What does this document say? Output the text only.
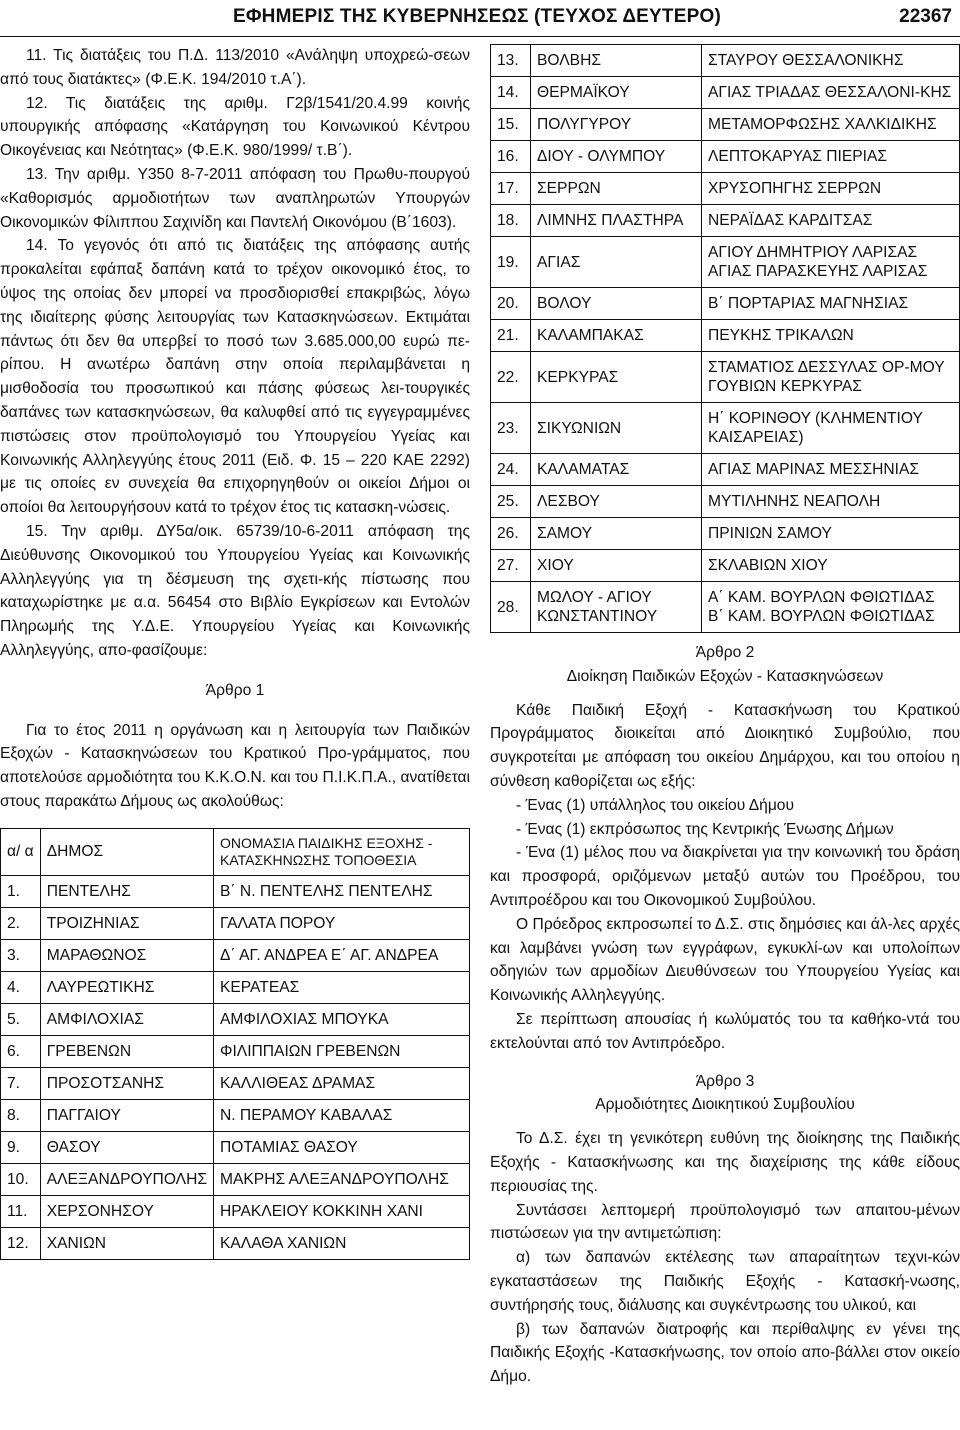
ΕΦΗΜΕΡΙΣ ΤΗΣ ΚΥΒΕΡΝΗΣΕΩΣ (ΤΕΥΧΟΣ ΔΕΥΤΕΡΟ)	22367

11. Τις διατάξεις του Π.Δ. 113/2010 «Ανάληψη υποχρεώ-σεων από τους διατάκτες» (Φ.Ε.Κ. 194/2010 τ.Α΄).

12. Τις διατάξεις της αριθμ. Γ2β/1541/20.4.99 κοινής υπουργικής απόφασης «Κατάργηση του Κοινωνικού Κέντρου Οικογένειας και Νεότητας» (Φ.Ε.Κ. 980/1999/ τ.Β΄).

13. Την αριθμ. Υ350 8-7-2011 απόφαση του Πρωθυ-πουργού «Καθορισμός αρμοδιοτήτων των αναπληρωτών Υπουργών Οικονομικών Φίλιππου Σαχινίδη και Παντελή Οικονόμου (Β΄1603).

14. Το γεγονός ότι από τις διατάξεις της απόφασης αυτής προκαλείται εφάπαξ δαπάνη κατά το τρέχον οικονομικό έτος, το ύψος της οποίας δεν μπορεί να προσδιορισθεί επακριβώς, λόγω της ιδιαίτερης φύσης λειτουργίας των Κατασκηνώσεων. Εκτιμάται πάντως ότι δεν θα υπερβεί το ποσό των 3.685.000,00 ευρώ πε-ρίπου. Η ανωτέρω δαπάνη στην οποία περιλαμβάνεται η μισθοδοσία του προσωπικού και πάσης φύσεως λει-τουργικές δαπάνες των κατασκηνώσεων, θα καλυφθεί από τις εγγεγραμμένες πιστώσεις στον προϋπολογισμό του Υπουργείου Υγείας και Κοινωνικής Αλληλεγγύης έτους 2011 (Ειδ. Φ. 15 – 220 ΚΑΕ 2292) με τις οποίες εν συνεχεία θα επιχορηγηθούν οι οικείοι Δήμοι οι οποίοι θα λειτουργήσουν κατά το τρέχον έτος τις κατασκη-νώσεις.

15. Την αριθμ. ΔΥ5α/οικ. 65739/10-6-2011 απόφαση της Διεύθυνσης Οικονομικού του Υπουργείου Υγείας και Κοινωνικής Αλληλεγγύης για τη δέσμευση της σχετι-κής πίστωσης που καταχωρίστηκε με α.α. 56454 στο Βιβλίο Εγκρίσεων και Εντολών Πληρωμής της Υ.Δ.Ε. Υπουργείου Υγείας και Κοινωνικής Αλληλεγγύης, απο-φασίζουμε:

Άρθρο 1

Για το έτος 2011 η οργάνωση και η λειτουργία των Παιδικών Εξοχών - Κατασκηνώσεων του Κρατικού Προ-γράμματος, που αποτελούσε αρμοδιότητα του Κ.Κ.Ο.Ν. και του Π.Ι.Κ.Π.Α., ανατίθεται στους παρακάτω Δήμους ως ακολούθως:

α/ α	ΔΗΜΟΣ	ΟΝΟΜΑΣΙΑ ΠΑΙΔΙΚΗΣ ΕΞΟΧΗΣ - ΚΑΤΑΣΚΗΝΩΣΗΣ ΤΟΠΟΘΕΣΙΑ
1.	ΠΕΝΤΕΛΗΣ	Β΄ Ν. ΠΕΝΤΕΛΗΣ ΠΕΝΤΕΛΗΣ
2.	ΤΡΟΙΖΗΝΙΑΣ	ΓΑΛΑΤΑ ΠΟΡΟΥ
3.	ΜΑΡΑΘΩΝΟΣ	Δ΄ ΑΓ. ΑΝΔΡΕΑ Ε΄ ΑΓ. ΑΝΔΡΕΑ
4.	ΛΑΥΡΕΩΤΙΚΗΣ	ΚΕΡΑΤΕΑΣ
5.	ΑΜΦΙΛΟΧΙΑΣ	ΑΜΦΙΛΟΧΙΑΣ ΜΠΟΥΚΑ
6.	ΓΡΕΒΕΝΩΝ	ΦΙΛΙΠΠΑΙΩΝ ΓΡΕΒΕΝΩΝ
7.	ΠΡΟΣΟΤΣΑΝΗΣ	ΚΑΛΛΙΘΕΑΣ ΔΡΑΜΑΣ
8.	ΠΑΓΓΑΙΟΥ	Ν. ΠΕΡΑΜΟΥ ΚΑΒΑΛΑΣ
9.	ΘΑΣΟΥ	ΠΟΤΑΜΙΑΣ ΘΑΣΟΥ
10.	ΑΛΕΞΑΝΔΡΟΥΠΟΛΗΣ	ΜΑΚΡΗΣ ΑΛΕΞΑΝΔΡΟΥΠΟΛΗΣ
11.	ΧΕΡΣΟΝΗΣΟΥ	ΗΡΑΚΛΕΙΟΥ ΚΟΚΚΙΝΗ ΧΑΝΙ
12.	ΧΑΝΙΩΝ	ΚΑΛΑΘΑ ΧΑΝΙΩΝ
13.	ΒΟΛΒΗΣ	ΣΤΑΥΡΟΥ ΘΕΣΣΑΛΟΝΙΚΗΣ
14.	ΘΕΡΜΑΪΚΟΥ	ΑΓΙΑΣ ΤΡΙΑΔΑΣ ΘΕΣΣΑΛΟΝΙ-ΚΗΣ
15.	ΠΟΛΥΓΥΡΟΥ	ΜΕΤΑΜΟΡΦΩΣΗΣ ΧΑΛΚΙΔΙΚΗΣ
16.	ΔΙΟΥ - ΟΛΥΜΠΟΥ	ΛΕΠΤΟΚΑΡΥΑΣ ΠΙΕΡΙΑΣ
17.	ΣΕΡΡΩΝ	ΧΡΥΣΟΠΗΓΗΣ ΣΕΡΡΩΝ
18.	ΛΙΜΝΗΣ ΠΛΑΣΤΗΡΑ	ΝΕΡΑΪΔΑΣ ΚΑΡΔΙΤΣΑΣ
19.	ΑΓΙΑΣ	ΑΓΙΟΥ ΔΗΜΗΤΡΙΟΥ ΛΑΡΙΣΑΣ ΑΓΙΑΣ ΠΑΡΑΣΚΕΥΗΣ ΛΑΡΙΣΑΣ
20.	ΒΟΛΟΥ	Β΄ ΠΟΡΤΑΡΙΑΣ ΜΑΓΝΗΣΙΑΣ
21.	ΚΑΛΑΜΠΑΚΑΣ	ΠΕΥΚΗΣ ΤΡΙΚΑΛΩΝ
22.	ΚΕΡΚΥΡΑΣ	ΣΤΑΜΑΤΙΟΣ ΔΕΣΣΥΛΑΣ ΟΡ-ΜΟΥ ΓΟΥΒΙΩΝ ΚΕΡΚΥΡΑΣ
23.	ΣΙΚΥΩΝΙΩΝ	Η΄ ΚΟΡΙΝΘΟΥ (ΚΛΗΜΕΝΤΙΟΥ ΚΑΙΣΑΡΕΙΑΣ)
24.	ΚΑΛΑΜΑΤΑΣ	ΑΓΙΑΣ ΜΑΡΙΝΑΣ ΜΕΣΣΗΝΙΑΣ
25.	ΛΕΣΒΟΥ	ΜΥΤΙΛΗΝΗΣ ΝΕΑΠΟΛΗ
26.	ΣΑΜΟΥ	ΠΡΙΝΙΩΝ ΣΑΜΟΥ
27.	ΧΙΟΥ	ΣΚΛΑΒΙΩΝ ΧΙΟΥ
28.	ΜΩΛΟΥ - ΑΓΙΟΥ ΚΩΝΣΤΑΝΤΙΝΟΥ	Α΄ ΚΑΜ. ΒΟΥΡΛΩΝ ΦΘΙΩΤΙΔΑΣ Β΄ ΚΑΜ. ΒΟΥΡΛΩΝ ΦΘΙΩΤΙΔΑΣ

Άρθρο 2

Διοίκηση Παιδικών Εξοχών - Κατασκηνώσεων

Κάθε Παιδική Εξοχή - Κατασκήνωση του Κρατικού Προγράμματος διοικείται από Διοικητικό Συμβούλιο, που συγκροτείται με απόφαση του οικείου Δημάρχου, και του οποίου η σύνθεση καθορίζεται ως εξής:

- Ένας (1) υπάλληλος του οικείου Δήμου

- Ένας (1) εκπρόσωπος της Κεντρικής Ένωσης Δήμων

- Ένα (1) μέλος που να διακρίνεται για την κοινωνική του δράση και προσφορά, οριζόμενων μεταξύ αυτών του Προέδρου, του Αντιπροέδρου και του Οικονομικού Συμβούλου.

Ο Πρόεδρος εκπροσωπεί το Δ.Σ. στις δημόσιες και άλ-λες αρχές και λαμβάνει γνώση των εγγράφων, εγκυκλί-ων και υπολοίπων οδηγιών των αρμοδίων Διευθύνσεων του Υπουργείου Υγείας και Κοινωνικής Αλληλεγγύης.

Σε περίπτωση απουσίας ή κωλύματός του τα καθήκο-ντά του εκτελούνται από τον Αντιπρόεδρο.

Άρθρο 3

Αρμοδιότητες Διοικητικού Συμβουλίου

Το Δ.Σ. έχει τη γενικότερη ευθύνη της διοίκησης της Παιδικής Εξοχής - Κατασκήνωσης και της διαχείρισης της κάθε είδους περιουσίας της.

Συντάσσει λεπτομερή προϋπολογισμό των απαιτου-μένων πιστώσεων για την αντιμετώπιση:

α) των δαπανών εκτέλεσης των απαραίτητων τεχνι-κών εγκαταστάσεων της Παιδικής Εξοχής - Κατασκή-νωσης, συντήρησής τους, διάλυσης και συγκέντρωσης του υλικού, και

β) των δαπανών διατροφής και περίθαλψης εν γένει της Παιδικής Εξοχής -Κατασκήνωσης, τον οποίο απο-βάλλει στον οικείο Δήμο.
